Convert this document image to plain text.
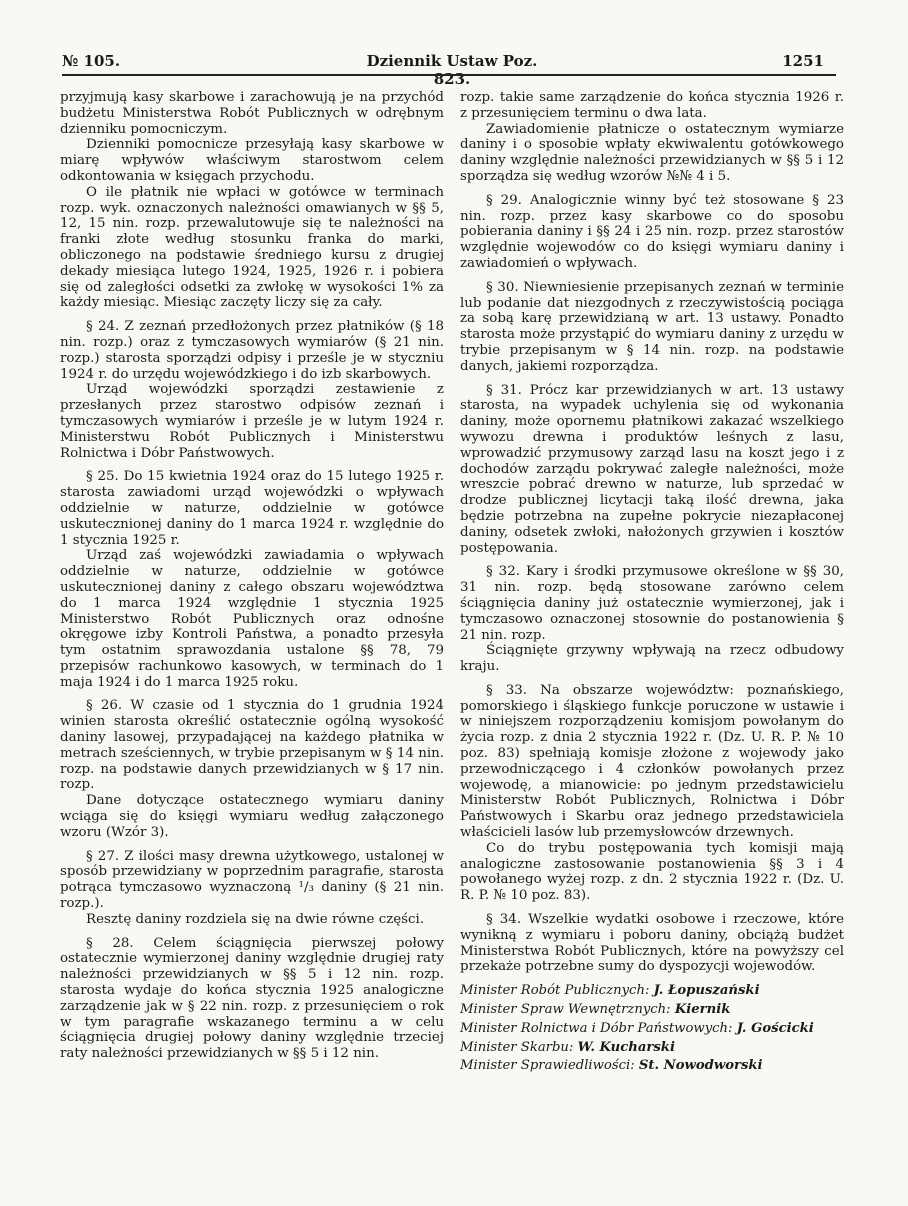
№ 105.	Dziennik Ustaw Poz. 823.
1251

przyjmują kasy skarbowe i zarachowują je na przychód budżetu Ministerstwa Robót Publicznych w odrębnym dzienniku pomocniczym.

Dzienniki pomocnicze przesyłają kasy skarbowe w miarę wpływów właściwym starostwom celem odkontowania w księgach przychodu.

O ile płatnik nie wpłaci w gotówce w terminach rozp. wyk. oznaczonych należności omawianych w §§ 5, 12, 15 nin. rozp. przewalutowuje się te należności na franki złote według stosunku franka do marki, obliczonego na podstawie średniego kursu z drugiej dekady miesiąca lutego 1924, 1925, 1926 r. i pobiera się od zaległości odsetki za zwłokę w wysokości 1% za każdy miesiąc. Miesiąc zaczęty liczy się za cały.

§ 24. Z zeznań przedłożonych przez płatników (§ 18 nin. rozp.) oraz z tymczasowych wymiarów (§ 21 nin. rozp.) starosta sporządzi odpisy i prześle je w styczniu 1924 r. do urzędu wojewódzkiego i do izb skarbowych.

Urząd wojewódzki sporządzi zestawienie z przesłanych przez starostwo odpisów zeznań i tymczasowych wymiarów i prześle je w lutym 1924 r. Ministerstwu Robót Publicznych i Ministerstwu Rolnictwa i Dóbr Państwowych.

§ 25. Do 15 kwietnia 1924 oraz do 15 lutego 1925 r. starosta zawiadomi urząd wojewódzki o wpływach oddzielnie w naturze, oddzielnie w gotówce uskutecznionej daniny do 1 marca 1924 r. względnie do 1 stycznia 1925 r.

Urząd zaś wojewódzki zawiadamia o wpływach oddzielnie w naturze, oddzielnie w gotówce uskutecznionej daniny z całego obszaru województwa do 1 marca 1924 względnie 1 stycznia 1925 Ministerstwo Robót Publicznych oraz odnośne okręgowe izby Kontroli Państwa, a ponadto przesyła tym ostatnim sprawozdania ustalone §§ 78, 79 przepisów rachunkowo kasowych, w terminach do 1 maja 1924 i do 1 marca 1925 roku.

§ 26. W czasie od 1 stycznia do 1 grudnia 1924 winien starosta określić ostatecznie ogólną wysokość daniny lasowej, przypadającej na każdego płatnika w metrach sześciennych, w trybie przepisanym w § 14 nin. rozp. na podstawie danych przewidzianych w § 17 nin. rozp.

Dane dotyczące ostatecznego wymiaru daniny wciąga się do księgi wymiaru według załączonego wzoru (Wzór 3).

§ 27. Z ilości masy drewna użytkowego, ustalonej w sposób przewidziany w poprzednim paragrafie, starosta potrąca tymczasowo wyznaczoną ¹/₃ daniny (§ 21 nin. rozp.).

Resztę daniny rozdziela się na dwie równe części.

§ 28. Celem ściągnięcia pierwszej połowy ostatecznie wymierzonej daniny względnie drugiej raty należności przewidzianych w §§ 5 i 12 nin. rozp. starosta wydaje do końca stycznia 1925 analogiczne zarządzenie jak w § 22 nin. rozp. z przesunięciem o rok w tym paragrafie wskazanego terminu a w celu ściągnięcia drugiej połowy daniny względnie trzeciej raty należności przewidzianych w §§ 5 i 12 nin.

rozp. takie same zarządzenie do końca stycznia 1926 r. z przesunięciem terminu o dwa lata.

Zawiadomienie płatnicze o ostatecznym wymiarze daniny i o sposobie wpłaty ekwiwalentu gotówkowego daniny względnie należności przewidzianych w §§ 5 i 12 sporządza się według wzorów №№ 4 i 5.

§ 29. Analogicznie winny być też stosowane § 23 nin. rozp. przez kasy skarbowe co do sposobu pobierania daniny i §§ 24 i 25 nin. rozp. przez starostów względnie wojewodów co do księgi wymiaru daniny i zawiadomień o wpływach.

§ 30. Niewniesienie przepisanych zeznań w terminie lub podanie dat niezgodnych z rzeczywistością pociąga za sobą karę przewidzianą w art. 13 ustawy. Ponadto starosta może przystąpić do wymiaru daniny z urzędu w trybie przepisanym w § 14 nin. rozp. na podstawie danych, jakiemi rozporządza.

§ 31. Prócz kar przewidzianych w art. 13 ustawy starosta, na wypadek uchylenia się od wykonania daniny, może opornemu płatnikowi zakazać wszelkiego wywozu drewna i produktów leśnych z lasu, wprowadzić przymusowy zarząd lasu na koszt jego i z dochodów zarządu pokrywać zaległe należności, może wreszcie pobrać drewno w naturze, lub sprzedać w drodze publicznej licytacji taką ilość drewna, jaka będzie potrzebna na zupełne pokrycie niezapłaconej daniny, odsetek zwłoki, nałożonych grzywien i kosztów postępowania.

§ 32. Kary i środki przymusowe określone w §§ 30, 31 nin. rozp. będą stosowane zarówno celem ściągnięcia daniny już ostatecznie wymierzonej, jak i tymczasowo oznaczonej stosownie do postanowienia § 21 nin. rozp.

Ściągnięte grzywny wpływają na rzecz odbudowy kraju.

§ 33. Na obszarze województw: poznańskiego, pomorskiego i śląskiego funkcje poruczone w ustawie i w niniejszem rozporządzeniu komisjom powołanym do życia rozp. z dnia 2 stycznia 1922 r. (Dz. U. R. P. № 10 poz. 83) spełniają komisje złożone z wojewody jako przewodniczącego i 4 członków powołanych przez wojewodę, a mianowicie: po jednym przedstawicielu Ministerstw Robót Publicznych, Rolnictwa i Dóbr Państwowych i Skarbu oraz jednego przedstawiciela właścicieli lasów lub przemysłowców drzewnych.

Co do trybu postępowania tych komisji mają analogiczne zastosowanie postanowienia §§ 3 i 4 powołanego wyżej rozp. z dn. 2 stycznia 1922 r. (Dz. U. R. P. № 10 poz. 83).

§ 34. Wszelkie wydatki osobowe i rzeczowe, które wynikną z wymiaru i poboru daniny, obciążą budżet Ministerstwa Robót Publicznych, które na powyższy cel przekaże potrzebne sumy do dyspozycji wojewodów.

Minister Robót Publicznych: J. Łopuszański

Minister Spraw Wewnętrznych: Kiernik

Minister Rolnictwa i Dóbr Państwowych: J. Gościcki

Minister Skarbu: W. Kucharski

Minister Sprawiedliwości: St. Nowodworski
